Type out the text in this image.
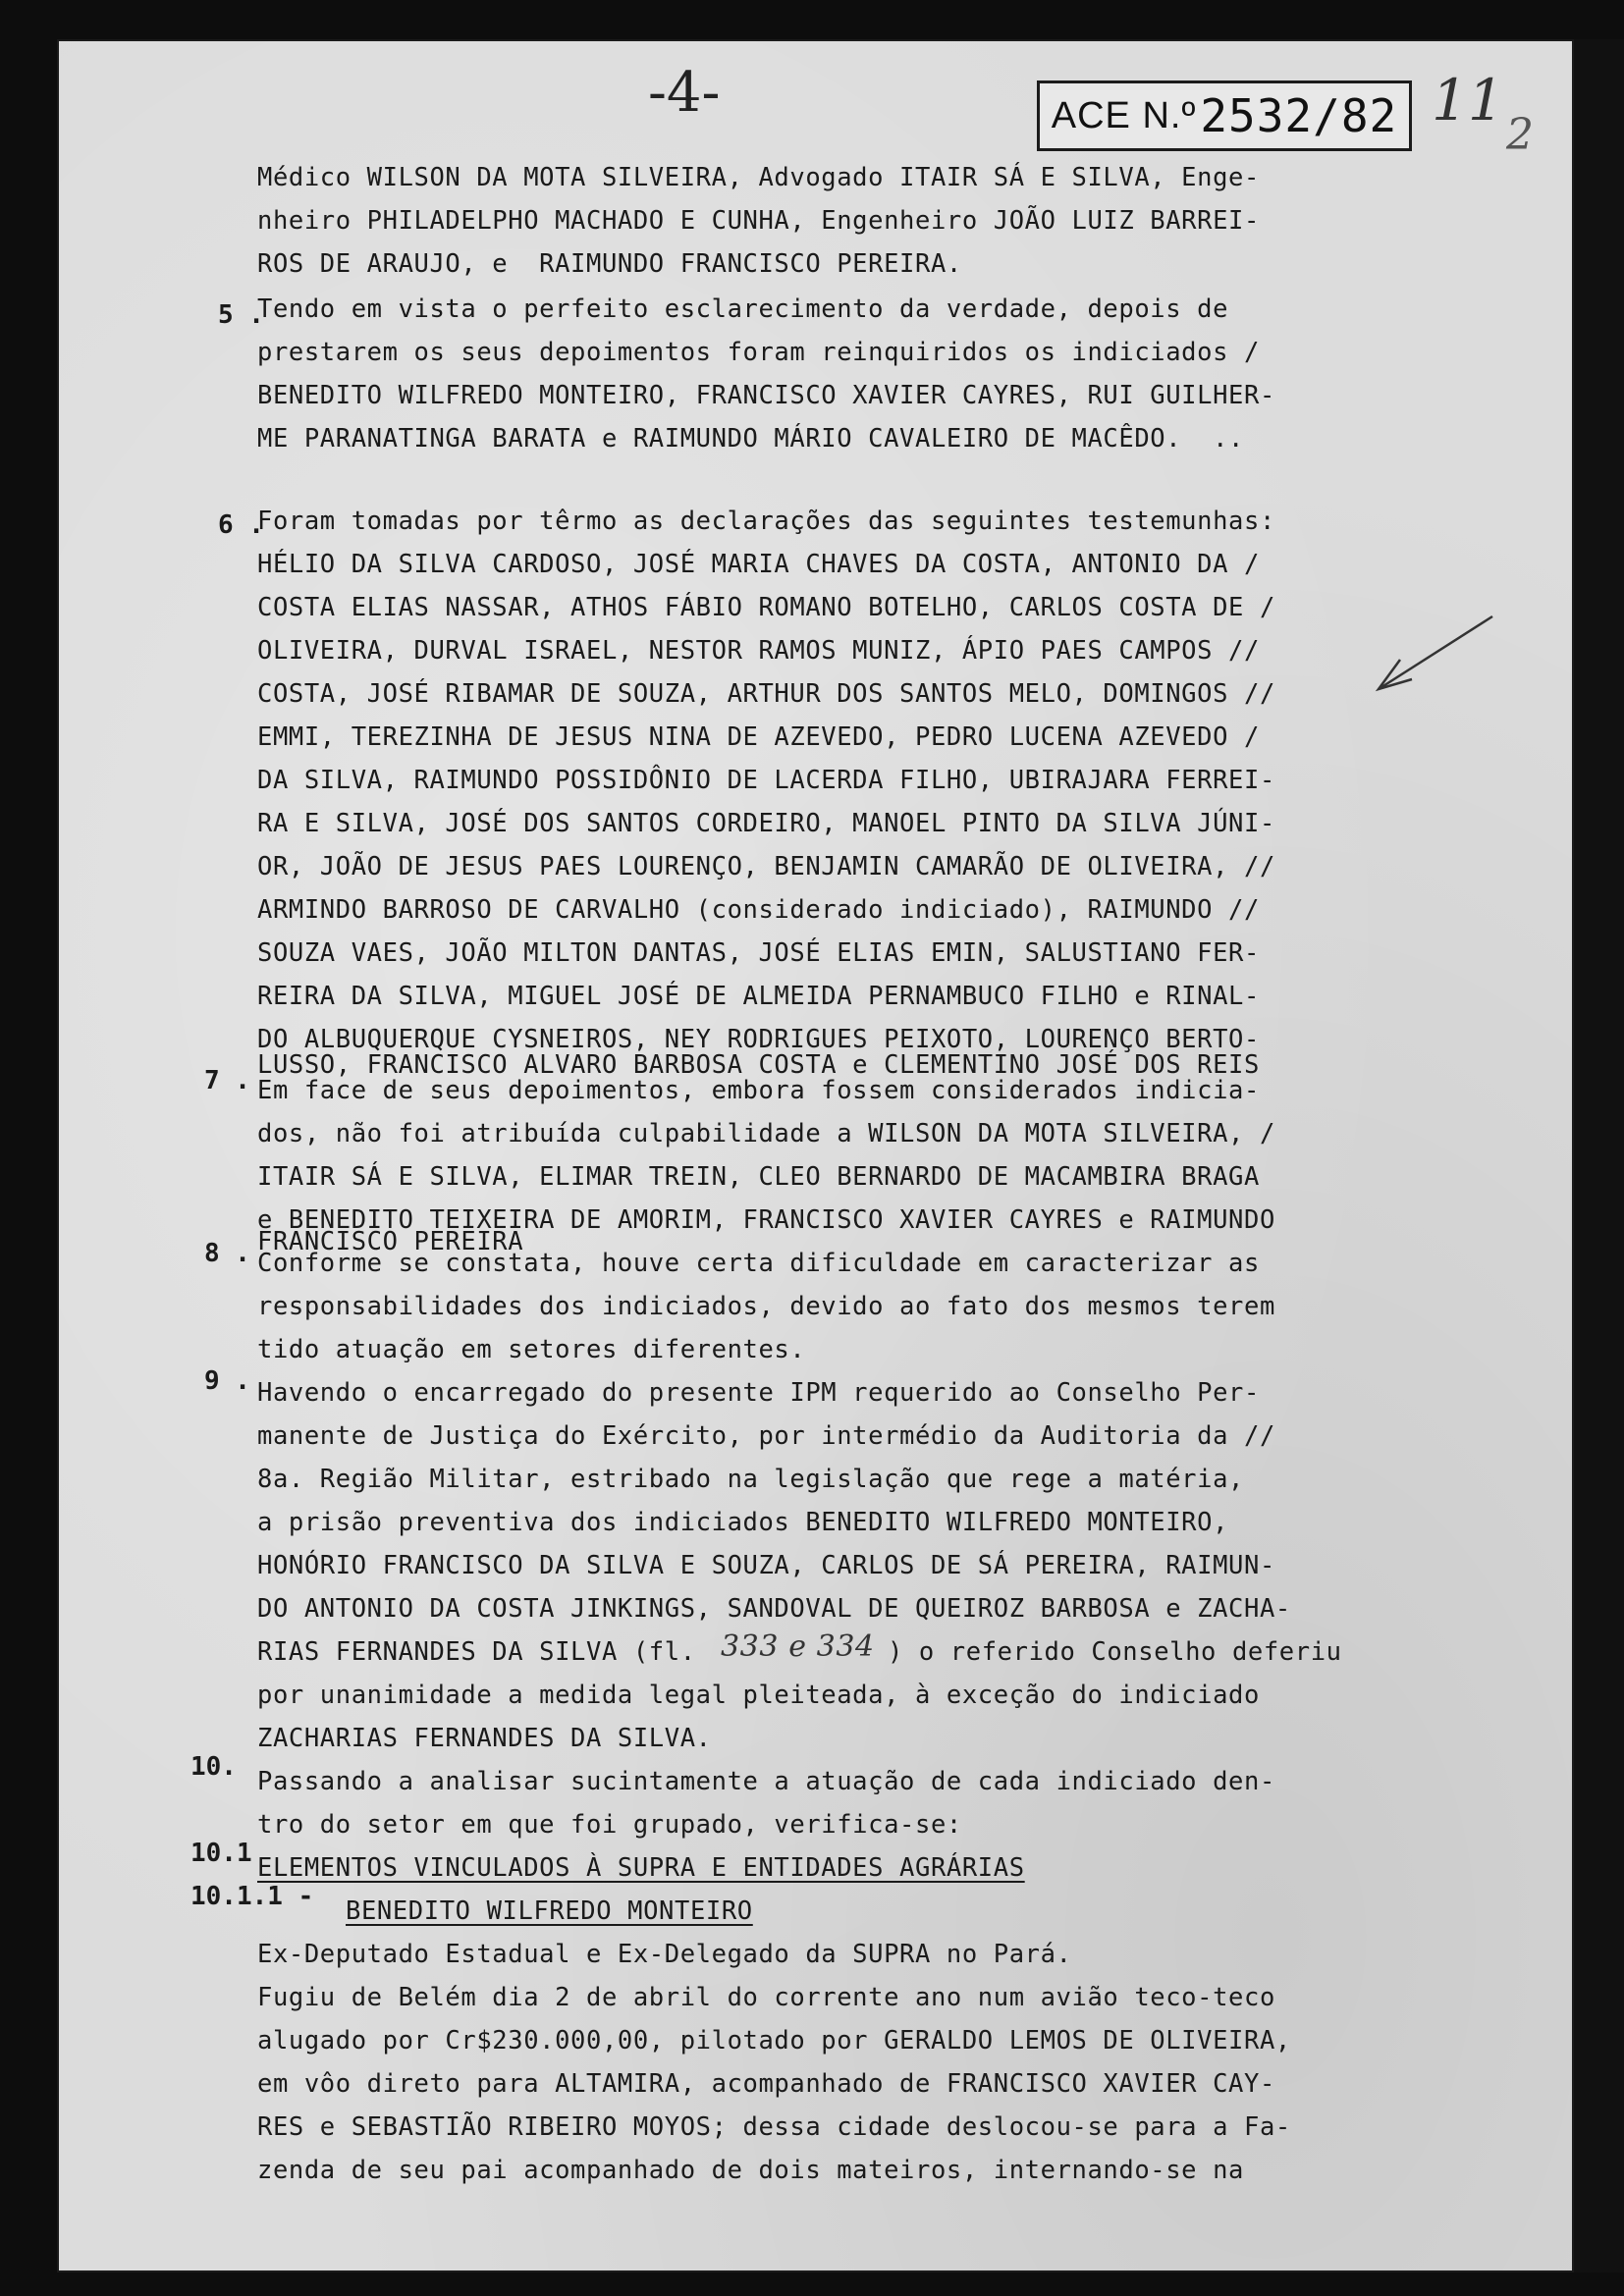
-4-	ACE N.º 2532/82 11
2
5 .
6 .
7 .
8 .
9 .
10.
10.1
10.1.1 -
Médico WILSON DA MOTA SILVEIRA, Advogado ITAIR SÁ E SILVA, Enge-
nheiro PHILADELPHO MACHADO E CUNHA, Engenheiro JOÃO LUIZ BARREI-
ROS DE ARAUJO, e  RAIMUNDO FRANCISCO PEREIRA.
Tendo em vista o perfeito esclarecimento da verdade, depois de
prestarem os seus depoimentos foram reinquiridos os indiciados /
BENEDITO WILFREDO MONTEIRO, FRANCISCO XAVIER CAYRES, RUI GUILHER-
ME PARANATINGA BARATA e RAIMUNDO MÁRIO CAVALEIRO DE MACÊDO.  ..
Foram tomadas por têrmo as declarações das seguintes testemunhas:
HÉLIO DA SILVA CARDOSO, JOSÉ MARIA CHAVES DA COSTA, ANTONIO DA /
COSTA ELIAS NASSAR, ATHOS FÁBIO ROMANO BOTELHO, CARLOS COSTA DE /
OLIVEIRA, DURVAL ISRAEL, NESTOR RAMOS MUNIZ, ÁPIO PAES CAMPOS //
COSTA, JOSÉ RIBAMAR DE SOUZA, ARTHUR DOS SANTOS MELO, DOMINGOS //
EMMI, TEREZINHA DE JESUS NINA DE AZEVEDO, PEDRO LUCENA AZEVEDO /
DA SILVA, RAIMUNDO POSSIDÔNIO DE LACERDA FILHO, UBIRAJARA FERREI-
RA E SILVA, JOSÉ DOS SANTOS CORDEIRO, MANOEL PINTO DA SILVA JÚNI-
OR, JOÃO DE JESUS PAES LOURENÇO, BENJAMIN CAMARÃO DE OLIVEIRA, //
ARMINDO BARROSO DE CARVALHO (considerado indiciado), RAIMUNDO //
SOUZA VAES, JOÃO MILTON DANTAS, JOSÉ ELIAS EMIN, SALUSTIANO FER-
REIRA DA SILVA, MIGUEL JOSÉ DE ALMEIDA PERNAMBUCO FILHO e RINAL-
DO ALBUQUERQUE CYSNEIROS, NEY RODRIGUES PEIXOTO, LOURENÇO BERTO-
LUSSO, FRANCISCO ALVARO BARBOSA COSTA e CLEMENTINO JOSÉ DOS REIS
Em face de seus depoimentos, embora fossem considerados indicia-
dos, não foi atribuída culpabilidade a WILSON DA MOTA SILVEIRA, /
ITAIR SÁ E SILVA, ELIMAR TREIN, CLEO BERNARDO DE MACAMBIRA BRAGA
e BENEDITO TEIXEIRA DE AMORIM, FRANCISCO XAVIER CAYRES e RAIMUNDO
FRANCISCO PEREIRA
Conforme se constata, houve certa dificuldade em caracterizar as
responsabilidades dos indiciados, devido ao fato dos mesmos terem
tido atuação em setores diferentes.
Havendo o encarregado do presente IPM requerido ao Conselho Per-
manente de Justiça do Exército, por intermédio da Auditoria da //
8a. Região Militar, estribado na legislação que rege a matéria,
a prisão preventiva dos indiciados BENEDITO WILFREDO MONTEIRO,
HONÓRIO FRANCISCO DA SILVA E SOUZA, CARLOS DE SÁ PEREIRA, RAIMUN-
DO ANTONIO DA COSTA JINKINGS, SANDOVAL DE QUEIROZ BARBOSA e ZACHA-
RIAS FERNANDES DA SILVA (fl. 333 e 334 ) o referido Conselho deferiu
por unanimidade a medida legal pleiteada, à exceção do indiciado
ZACHARIAS FERNANDES DA SILVA.
Passando a analisar sucintamente a atuação de cada indiciado den-
tro do setor em que foi grupado, verifica-se:
ELEMENTOS VINCULADOS À SUPRA E ENTIDADES AGRÁRIAS
BENEDITO WILFREDO MONTEIRO
Ex-Deputado Estadual e Ex-Delegado da SUPRA no Pará.
Fugiu de Belém dia 2 de abril do corrente ano num avião teco-teco
alugado por Cr$230.000,00, pilotado por GERALDO LEMOS DE OLIVEIRA,
em vôo direto para ALTAMIRA, acompanhado de FRANCISCO XAVIER CAY-
RES e SEBASTIÃO RIBEIRO MOYOS; dessa cidade deslocou-se para a Fa-
zenda de seu pai acompanhado de dois mateiros, internando-se na
